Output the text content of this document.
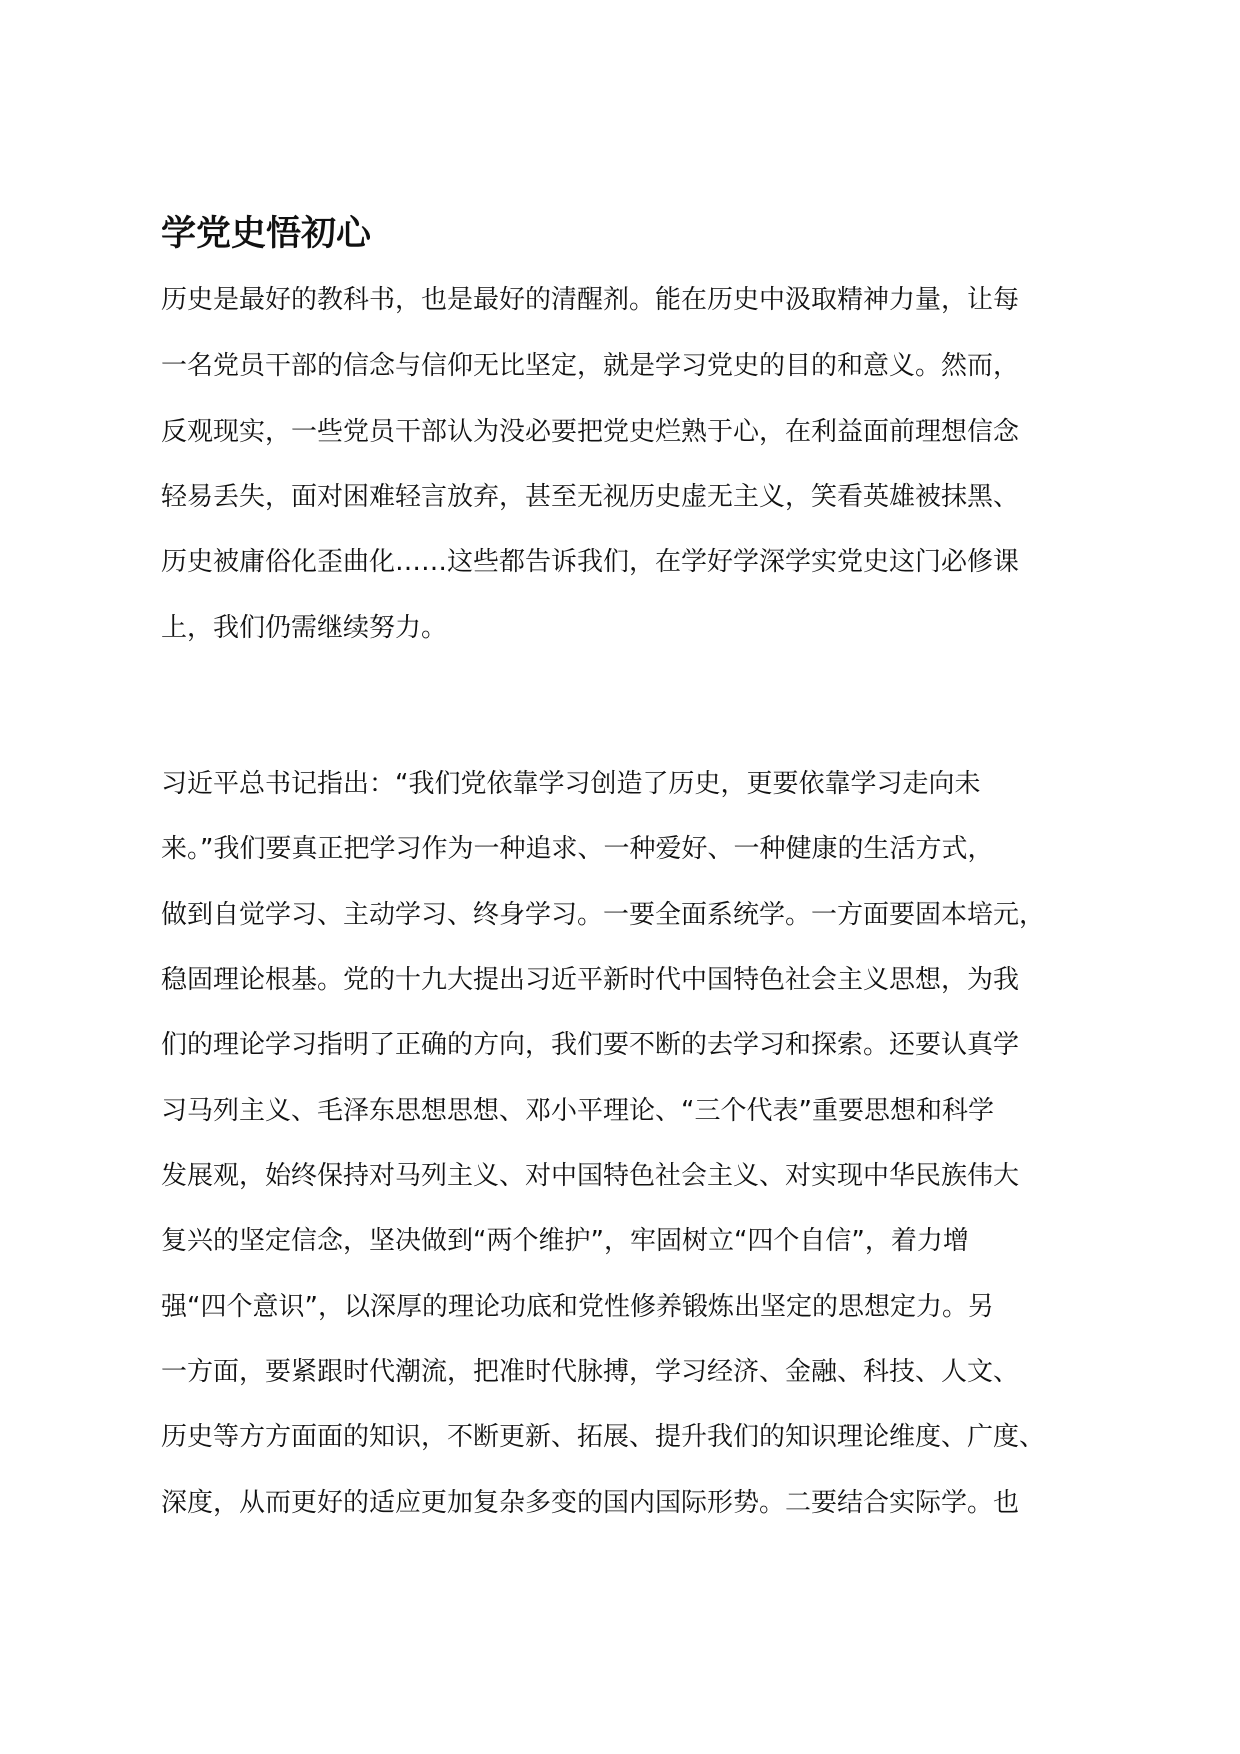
学党史悟初心

历史是最好的教科书，也是最好的清醒剂。能在历史中汲取精神力量，让每

一名党员干部的信念与信仰无比坚定，就是学习党史的目的和意义。然而，

反观现实，一些党员干部认为没必要把党史烂熟于心，在利益面前理想信念

轻易丢失，面对困难轻言放弃，甚至无视历史虚无主义，笑看英雄被抹黑、

历史被庸俗化歪曲化……这些都告诉我们，在学好学深学实党史这门必修课

上，我们仍需继续努力。

习近平总书记指出：“我们党依靠学习创造了历史，更要依靠学习走向未

来。”我们要真正把学习作为一种追求、一种爱好、一种健康的生活方式，

做到自觉学习、主动学习、终身学习。一要全面系统学。一方面要固本培元，

稳固理论根基。党的十九大提出习近平新时代中国特色社会主义思想，为我

们的理论学习指明了正确的方向，我们要不断的去学习和探索。还要认真学

习马列主义、毛泽东思想思想、邓小平理论、“三个代表”重要思想和科学

发展观，始终保持对马列主义、对中国特色社会主义、对实现中华民族伟大

复兴的坚定信念，坚决做到“两个维护”，牢固树立“四个自信”，着力增

强“四个意识”，以深厚的理论功底和党性修养锻炼出坚定的思想定力。另

一方面，要紧跟时代潮流，把准时代脉搏，学习经济、金融、科技、人文、

历史等方方面面的知识，不断更新、拓展、提升我们的知识理论维度、广度、

深度，从而更好的适应更加复杂多变的国内国际形势。二要结合实际学。也
